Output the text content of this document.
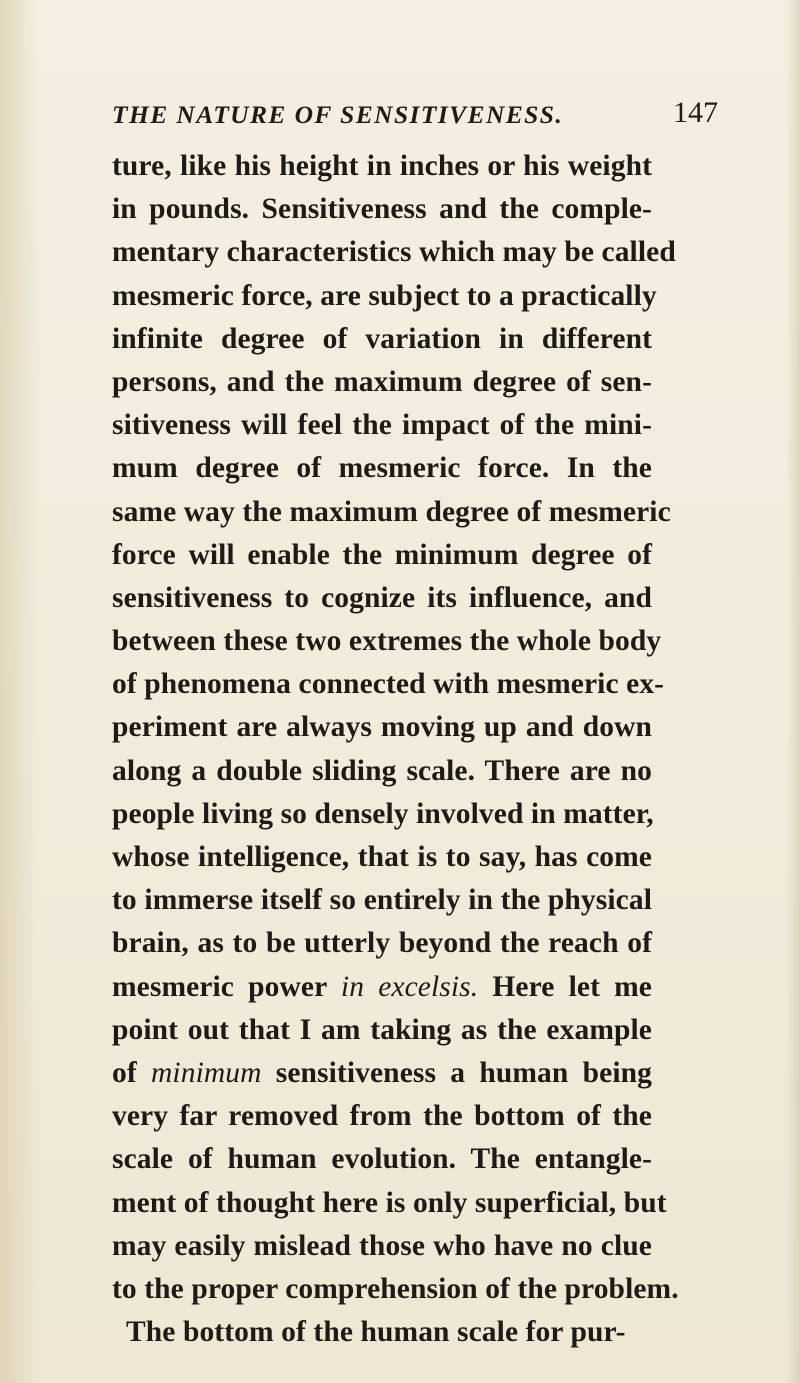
THE NATURE OF SENSITIVENESS.	147
ture, like his height in inches or his weight
in pounds. Sensitiveness and the comple-
mentary characteristics which may be called
mesmeric force, are subject to a practically
infinite degree of variation in different
persons, and the maximum degree of sen-
sitiveness will feel the impact of the mini-
mum degree of mesmeric force. In the
same way the maximum degree of mesmeric
force will enable the minimum degree of
sensitiveness to cognize its influence, and
between these two extremes the whole body
of phenomena connected with mesmeric ex-
periment are always moving up and down
along a double sliding scale. There are no
people living so densely involved in matter,
whose intelligence, that is to say, has come
to immerse itself so entirely in the physical
brain, as to be utterly beyond the reach of
mesmeric power in excelsis. Here let me
point out that I am taking as the example
of minimum sensitiveness a human being
very far removed from the bottom of the
scale of human evolution. The entangle-
ment of thought here is only superficial, but
may easily mislead those who have no clue
to the proper comprehension of the problem.
The bottom of the human scale for pur-
